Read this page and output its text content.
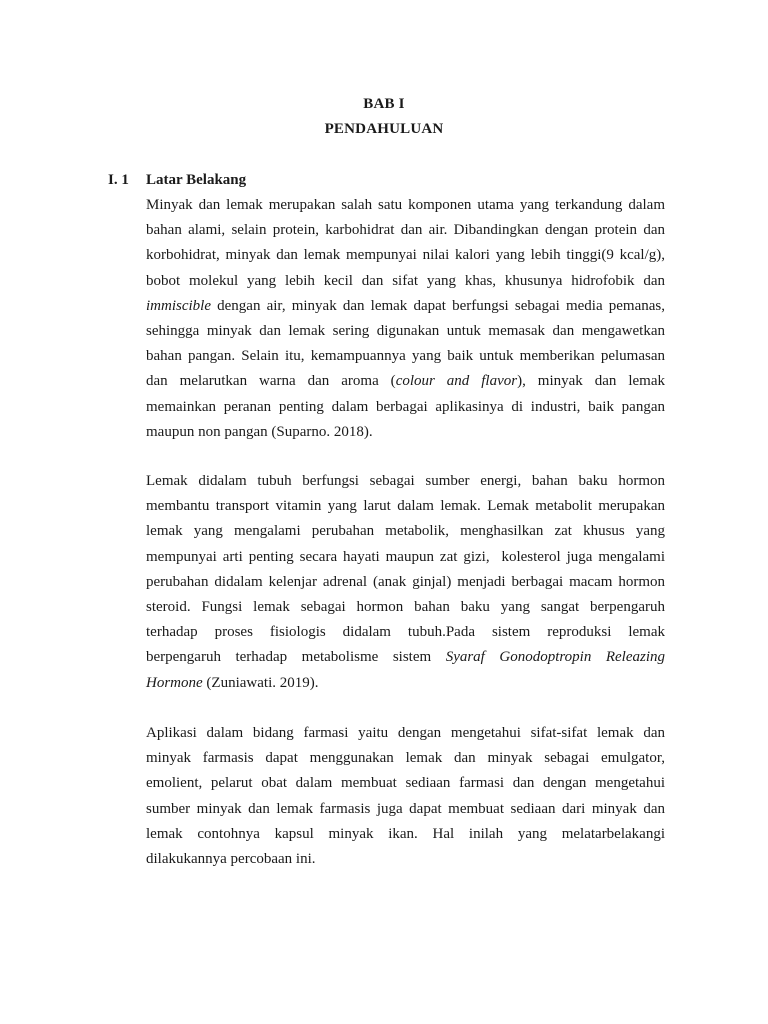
BAB I
PENDAHULUAN
I. 1 Latar Belakang
Minyak dan lemak merupakan salah satu komponen utama yang terkandung dalam
bahan alami, selain protein, karbohidrat dan air. Dibandingkan dengan protein dan
korbohidrat, minyak dan lemak mempunyai nilai kalori yang lebih tinggi(9 kcal/g),
bobot molekul yang lebih kecil dan sifat yang khas, khusunya hidrofobik dan
immiscible dengan air, minyak dan lemak dapat berfungsi sebagai media pemanas,
sehingga minyak dan lemak sering digunakan untuk memasak dan mengawetkan
bahan pangan. Selain itu, kemampuannya yang baik untuk memberikan pelumasan
dan melarutkan warna dan aroma (colour and flavor), minyak dan lemak
memainkan peranan penting dalam berbagai aplikasinya di industri, baik pangan
maupun non pangan (Suparno. 2018).
Lemak didalam tubuh berfungsi sebagai sumber energi, bahan baku hormon
membantu transport vitamin yang larut dalam lemak. Lemak metabolit merupakan
lemak yang mengalami perubahan metabolik, menghasilkan zat khusus yang
mempunyai arti penting secara hayati maupun zat gizi,  kolesterol juga mengalami
perubahan didalam kelenjar adrenal (anak ginjal) menjadi berbagai macam hormon
steroid. Fungsi lemak sebagai hormon bahan baku yang sangat berpengaruh
terhadap proses fisiologis didalam tubuh.Pada sistem reproduksi lemak
berpengaruh terhadap metabolisme sistem Syaraf Gonodoptropin Releazing
Hormone (Zuniawati. 2019).
Aplikasi dalam bidang farmasi yaitu dengan mengetahui sifat-sifat lemak dan
minyak farmasis dapat menggunakan lemak dan minyak sebagai emulgator,
emolient, pelarut obat dalam membuat sediaan farmasi dan dengan mengetahui
sumber minyak dan lemak farmasis juga dapat membuat sediaan dari minyak dan
lemak contohnya kapsul minyak ikan. Hal inilah yang melatarbelakangi
dilakukannya percobaan ini.
